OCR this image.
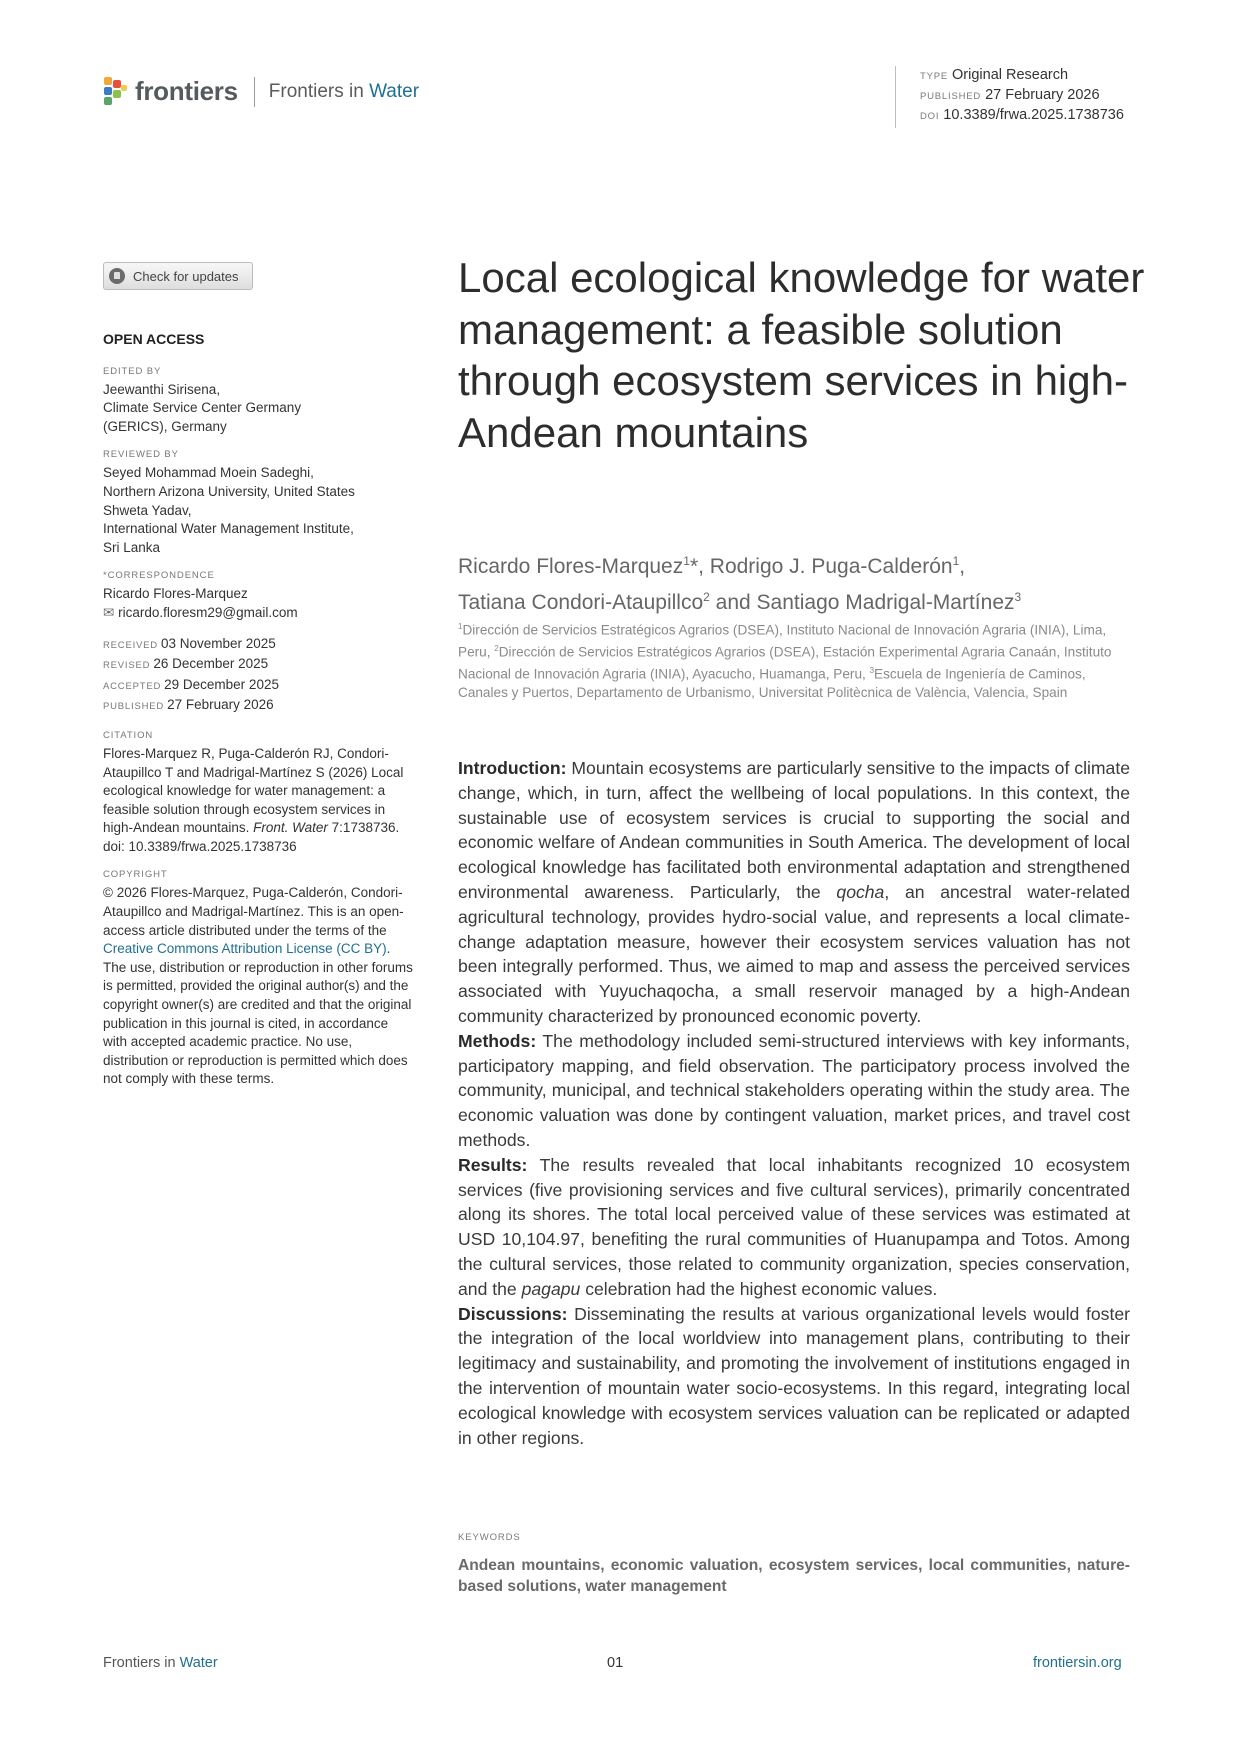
frontiers Frontiers in Water
TYPE Original Research
PUBLISHED 27 February 2026
DOI 10.3389/frwa.2025.1738736
Check for updates
OPEN ACCESS
EDITED BY
Jeewanthi Sirisena,
Climate Service Center Germany
(GERICS), Germany
REVIEWED BY
Seyed Mohammad Moein Sadeghi,
Northern Arizona University, United States
Shweta Yadav,
International Water Management Institute,
Sri Lanka
*CORRESPONDENCE
Ricardo Flores-Marquez
✉ ricardo.floresm29@gmail.com
RECEIVED 03 November 2025
REVISED 26 December 2025
ACCEPTED 29 December 2025
PUBLISHED 27 February 2026
CITATION
Flores-Marquez R, Puga-Calderón RJ, Condori-Ataupillco T and Madrigal-Martínez S (2026) Local ecological knowledge for water management: a feasible solution through ecosystem services in high-Andean mountains. Front. Water 7:1738736.
doi: 10.3389/frwa.2025.1738736
COPYRIGHT
© 2026 Flores-Marquez, Puga-Calderón, Condori-Ataupillco and Madrigal-Martínez. This is an open-access article distributed under the terms of the Creative Commons Attribution License (CC BY). The use, distribution or reproduction in other forums is permitted, provided the original author(s) and the copyright owner(s) are credited and that the original publication in this journal is cited, in accordance with accepted academic practice. No use, distribution or reproduction is permitted which does not comply with these terms.
Local ecological knowledge for water management: a feasible solution through ecosystem services in high-Andean mountains
Ricardo Flores-Marquez$^1$*, Rodrigo J. Puga-Calderón$^1$,
Tatiana Condori-Ataupillco$^2$ and Santiago Madrigal-Martínez$^3$
$^1$Dirección de Servicios Estratégicos Agrarios (DSEA), Instituto Nacional de Innovación Agraria (INIA), Lima, Peru, $^2$Dirección de Servicios Estratégicos Agrarios (DSEA), Estación Experimental Agraria Canaán, Instituto Nacional de Innovación Agraria (INIA), Ayacucho, Huamanga, Peru, $^3$Escuela de Ingeniería de Caminos, Canales y Puertos, Departamento de Urbanismo, Universitat Politècnica de València, Valencia, Spain

Introduction: Mountain ecosystems are particularly sensitive to the impacts of climate change, which, in turn, affect the wellbeing of local populations. In this context, the sustainable use of ecosystem services is crucial to supporting the social and economic welfare of Andean communities in South America. The development of local ecological knowledge has facilitated both environmental adaptation and strengthened environmental awareness. Particularly, the qocha, an ancestral water-related agricultural technology, provides hydro-social value, and represents a local climate-change adaptation measure, however their ecosystem services valuation has not been integrally performed. Thus, we aimed to map and assess the perceived services associated with Yuyuchaqocha, a small reservoir managed by a high-Andean community characterized by pronounced economic poverty.

Methods: The methodology included semi-structured interviews with key informants, participatory mapping, and field observation. The participatory process involved the community, municipal, and technical stakeholders operating within the study area. The economic valuation was done by contingent valuation, market prices, and travel cost methods.

Results: The results revealed that local inhabitants recognized 10 ecosystem services (five provisioning services and five cultural services), primarily concentrated along its shores. The total local perceived value of these services was estimated at USD 10,104.97, benefiting the rural communities of Huanupampa and Totos. Among the cultural services, those related to community organization, species conservation, and the pagapu celebration had the highest economic values.

Discussions: Disseminating the results at various organizational levels would foster the integration of the local worldview into management plans, contributing to their legitimacy and sustainability, and promoting the involvement of institutions engaged in the intervention of mountain water socio-ecosystems. In this regard, integrating local ecological knowledge with ecosystem services valuation can be replicated or adapted in other regions.

KEYWORDS
Andean mountains, economic valuation, ecosystem services, local communities, nature-based solutions, water management
Frontiers in Water	01	frontiersin.org
